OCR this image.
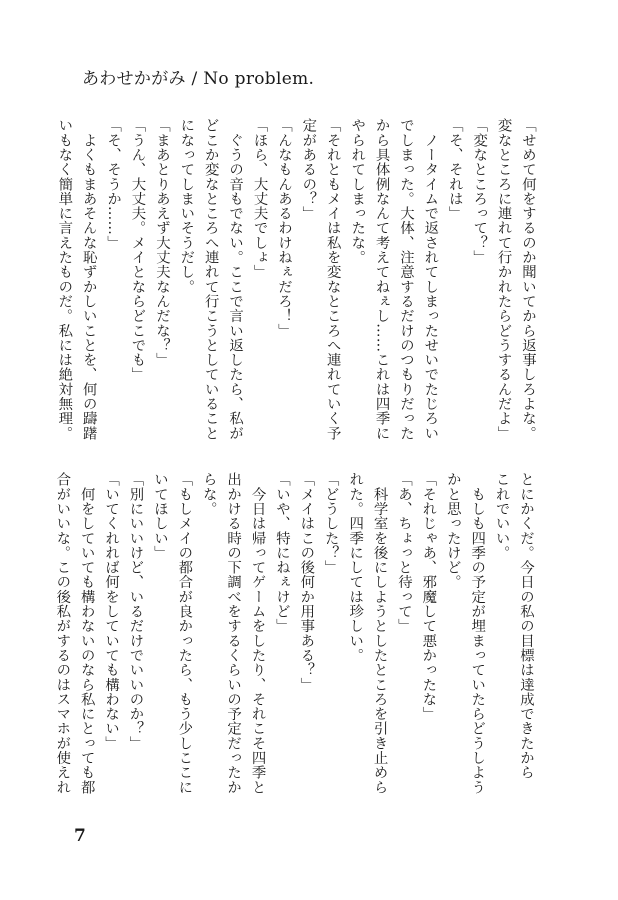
あわせかがみ / No problem.
「せめて何をするのか聞いてから返事しろよな。
変なところに連れて行かれたらどうするんだよ」
「変なところって？」
「そ、それは」
　ノータイムで返されてしまったせいでたじろい
でしまった。大体、注意するだけのつもりだった
から具体例なんて考えてねぇし……これは四季に
やられてしまったな。
「それともメイは私を変なところへ連れていく予
定があるの？」
「んなもんあるわけねぇだろ！」
「ほら、大丈夫でしょ」
　ぐうの音もでない。ここで言い返したら、私が
どこか変なところへ連れて行こうとしていること
になってしまいそうだし。
「まあとりあえず大丈夫なんだな？」
「うん、大丈夫。メイとならどこでも」
「そ、そうか……」
　よくもまあそんな恥ずかしいことを、何の躊躇
いもなく簡単に言えたものだ。私には絶対無理。
とにかくだ。今日の私の目標は達成できたから
これでいい。
　もしも四季の予定が埋まっていたらどうしよう
かと思ったけど。
「それじゃあ、邪魔して悪かったな」
「あ、ちょっと待って」
　科学室を後にしようとしたところを引き止めら
れた。四季にしては珍しい。
「どうした？」
「メイはこの後何か用事ある？」
「いや、特にねぇけど」
　今日は帰ってゲームをしたり、それこそ四季と
出かける時の下調べをするくらいの予定だったか
らな。
「もしメイの都合が良かったら、もう少しここに
いてほしい」
「別にいいけど、いるだけでいいのか？」
「いてくれれば何をしていても構わない」
　何をしていても構わないのなら私にとっても都
合がいいな。この後私がするのはスマホが使えれ
7
